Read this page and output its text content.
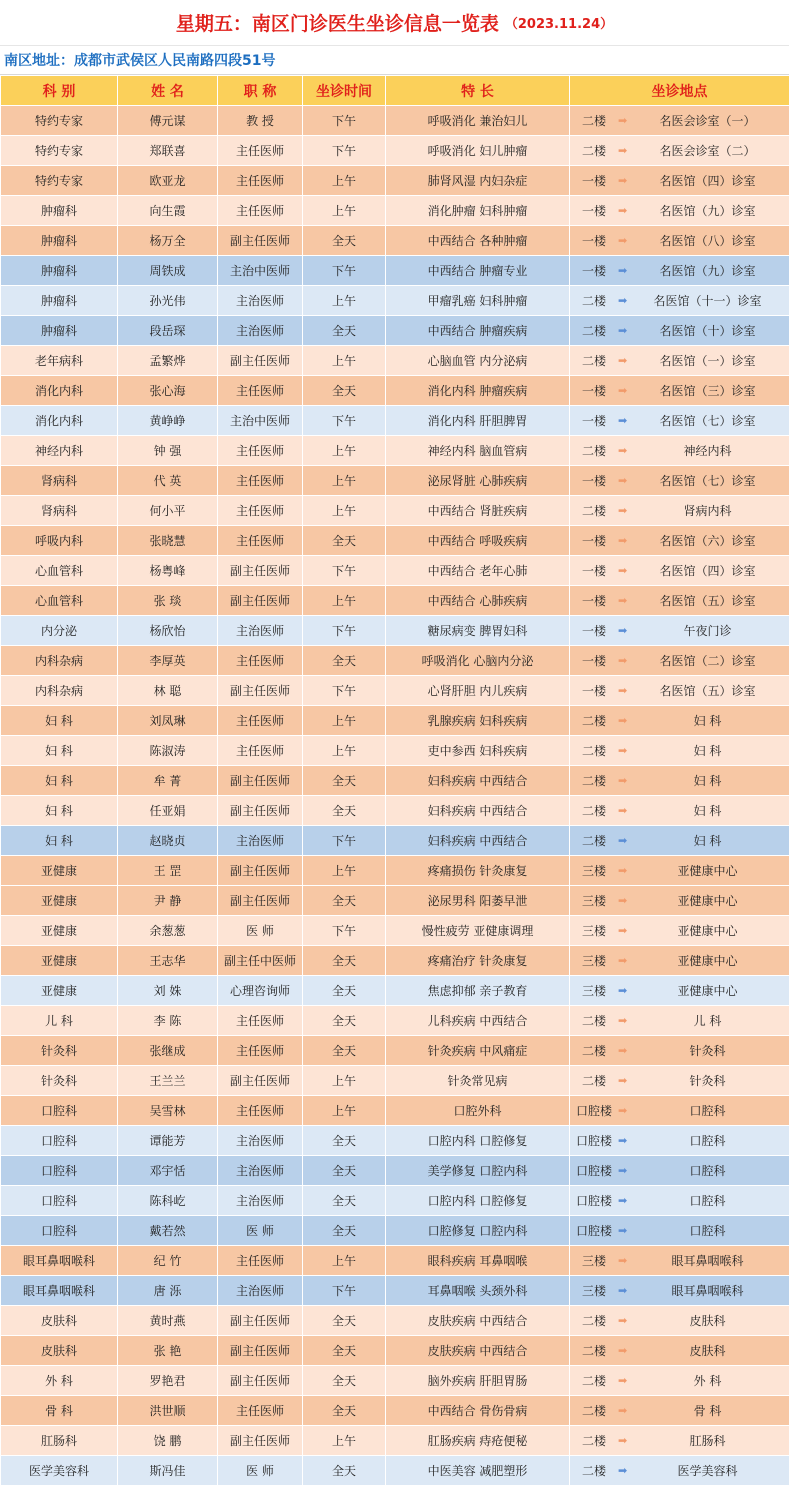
星期五：南区门诊医生坐诊信息一览表 （2023.11.24）
南区地址：成都市武侯区人民南路四段51号
科 别	姓 名	职 称	坐诊时间	特 长	坐诊地点
特约专家	傅元谋	教 授	下午	呼吸消化 兼治妇儿	二楼 ➡ 名医会诊室（一）

特约专家	郑联喜	主任医师	下午	呼吸消化 妇儿肿瘤	二楼 ➡ 名医会诊室（二）

特约专家	欧亚龙	主任医师	上午	肺肾风湿 内妇杂症	一楼 ➡ 名医馆（四）诊室

肿瘤科	向生霞	主任医师	上午	消化肿瘤 妇科肿瘤	一楼 ➡ 名医馆（九）诊室

肿瘤科	杨万全	副主任医师	全天	中西结合 各种肿瘤	一楼 ➡ 名医馆（八）诊室

肿瘤科	周铁成	主治中医师	下午	中西结合 肿瘤专业	一楼 ➡ 名医馆（九）诊室

肿瘤科	孙光伟	主治医师	上午	甲瘤乳癌 妇科肿瘤	二楼 ➡ 名医馆（十一）诊室

肿瘤科	段岳琛	主治医师	全天	中西结合 肿瘤疾病	二楼 ➡ 名医馆（十）诊室

老年病科	孟繁烨	副主任医师	上午	心脑血管 内分泌病	二楼 ➡ 名医馆（一）诊室

消化内科	张心海	主任医师	全天	消化内科 肿瘤疾病	一楼 ➡ 名医馆（三）诊室

消化内科	黄峥峥	主治中医师	下午	消化内科 肝胆脾胃	一楼 ➡ 名医馆（七）诊室

神经内科	钟 强	主任医师	上午	神经内科 脑血管病	二楼 ➡ 神经内科

肾病科	代 英	主任医师	上午	泌尿肾脏 心肺疾病	一楼 ➡ 名医馆（七）诊室

肾病科	何小平	主任医师	上午	中西结合 肾脏疾病	二楼 ➡ 肾病内科

呼吸内科	张晓慧	主任医师	全天	中西结合 呼吸疾病	一楼 ➡ 名医馆（六）诊室

心血管科	杨粤峰	副主任医师	下午	中西结合 老年心肺	一楼 ➡ 名医馆（四）诊室

心血管科	张 琰	副主任医师	上午	中西结合 心肺疾病	一楼 ➡ 名医馆（五）诊室

内分泌	杨欣怡	主治医师	下午	糖尿病变 脾胃妇科	一楼 ➡ 午夜门诊

内科杂病	李厚英	主任医师	全天	呼吸消化 心脑内分泌	一楼 ➡ 名医馆（二）诊室

内科杂病	林 聪	副主任医师	下午	心肾肝胆 内儿疾病	一楼 ➡ 名医馆（五）诊室

妇 科	刘凤琳	主任医师	上午	乳腺疾病 妇科疾病	二楼 ➡ 妇 科

妇 科	陈淑涛	主任医师	上午	吏中参西 妇科疾病	二楼 ➡ 妇 科

妇 科	牟 菁	副主任医师	全天	妇科疾病 中西结合	二楼 ➡ 妇 科

妇 科	任亚娟	副主任医师	全天	妇科疾病 中西结合	二楼 ➡ 妇 科

妇 科	赵晓贞	主治医师	下午	妇科疾病 中西结合	二楼 ➡ 妇 科

亚健康	王 罡	副主任医师	上午	疼痛损伤 针灸康复	三楼 ➡ 亚健康中心

亚健康	尹 静	副主任医师	全天	泌尿男科 阳萎早泄	三楼 ➡ 亚健康中心

亚健康	余葱葱	医 师	下午	慢性疲劳 亚健康调理	三楼 ➡ 亚健康中心

亚健康	王志华	副主任中医师	全天	疼痛治疗 针灸康复	三楼 ➡ 亚健康中心

亚健康	刘 姝	心理咨询师	全天	焦虑抑郁 亲子教育	三楼 ➡ 亚健康中心

儿 科	李 陈	主任医师	全天	儿科疾病 中西结合	二楼 ➡ 儿 科

针灸科	张继成	主任医师	全天	针灸疾病 中风痛症	二楼 ➡ 针灸科

针灸科	王兰兰	副主任医师	上午	针灸常见病	二楼 ➡ 针灸科

口腔科	吴雪林	主任医师	上午	口腔外科	口腔楼 ➡ 口腔科

口腔科	谭能芳	主治医师	全天	口腔内科 口腔修复	口腔楼 ➡ 口腔科

口腔科	邓宇恬	主治医师	全天	美学修复 口腔内科	口腔楼 ➡ 口腔科

口腔科	陈科屹	主治医师	全天	口腔内科 口腔修复	口腔楼 ➡ 口腔科

口腔科	戴若然	医 师	全天	口腔修复 口腔内科	口腔楼 ➡ 口腔科

眼耳鼻咽喉科	纪 竹	主任医师	上午	眼科疾病 耳鼻咽喉	三楼 ➡ 眼耳鼻咽喉科

眼耳鼻咽喉科	唐 泺	主治医师	下午	耳鼻咽喉 头颈外科	三楼 ➡ 眼耳鼻咽喉科

皮肤科	黄时燕	副主任医师	全天	皮肤疾病 中西结合	二楼 ➡ 皮肤科

皮肤科	张 艳	副主任医师	全天	皮肤疾病 中西结合	二楼 ➡ 皮肤科

外 科	罗艳君	副主任医师	全天	脑外疾病 肝胆胃肠	二楼 ➡ 外 科

骨 科	洪世顺	主任医师	全天	中西结合 骨伤骨病	二楼 ➡ 骨 科

肛肠科	饶 鹏	副主任医师	上午	肛肠疾病 痔疮便秘	二楼 ➡ 肛肠科

医学美容科	斯冯佳	医 师	全天	中医美容 减肥塑形	二楼 ➡ 医学美容科
